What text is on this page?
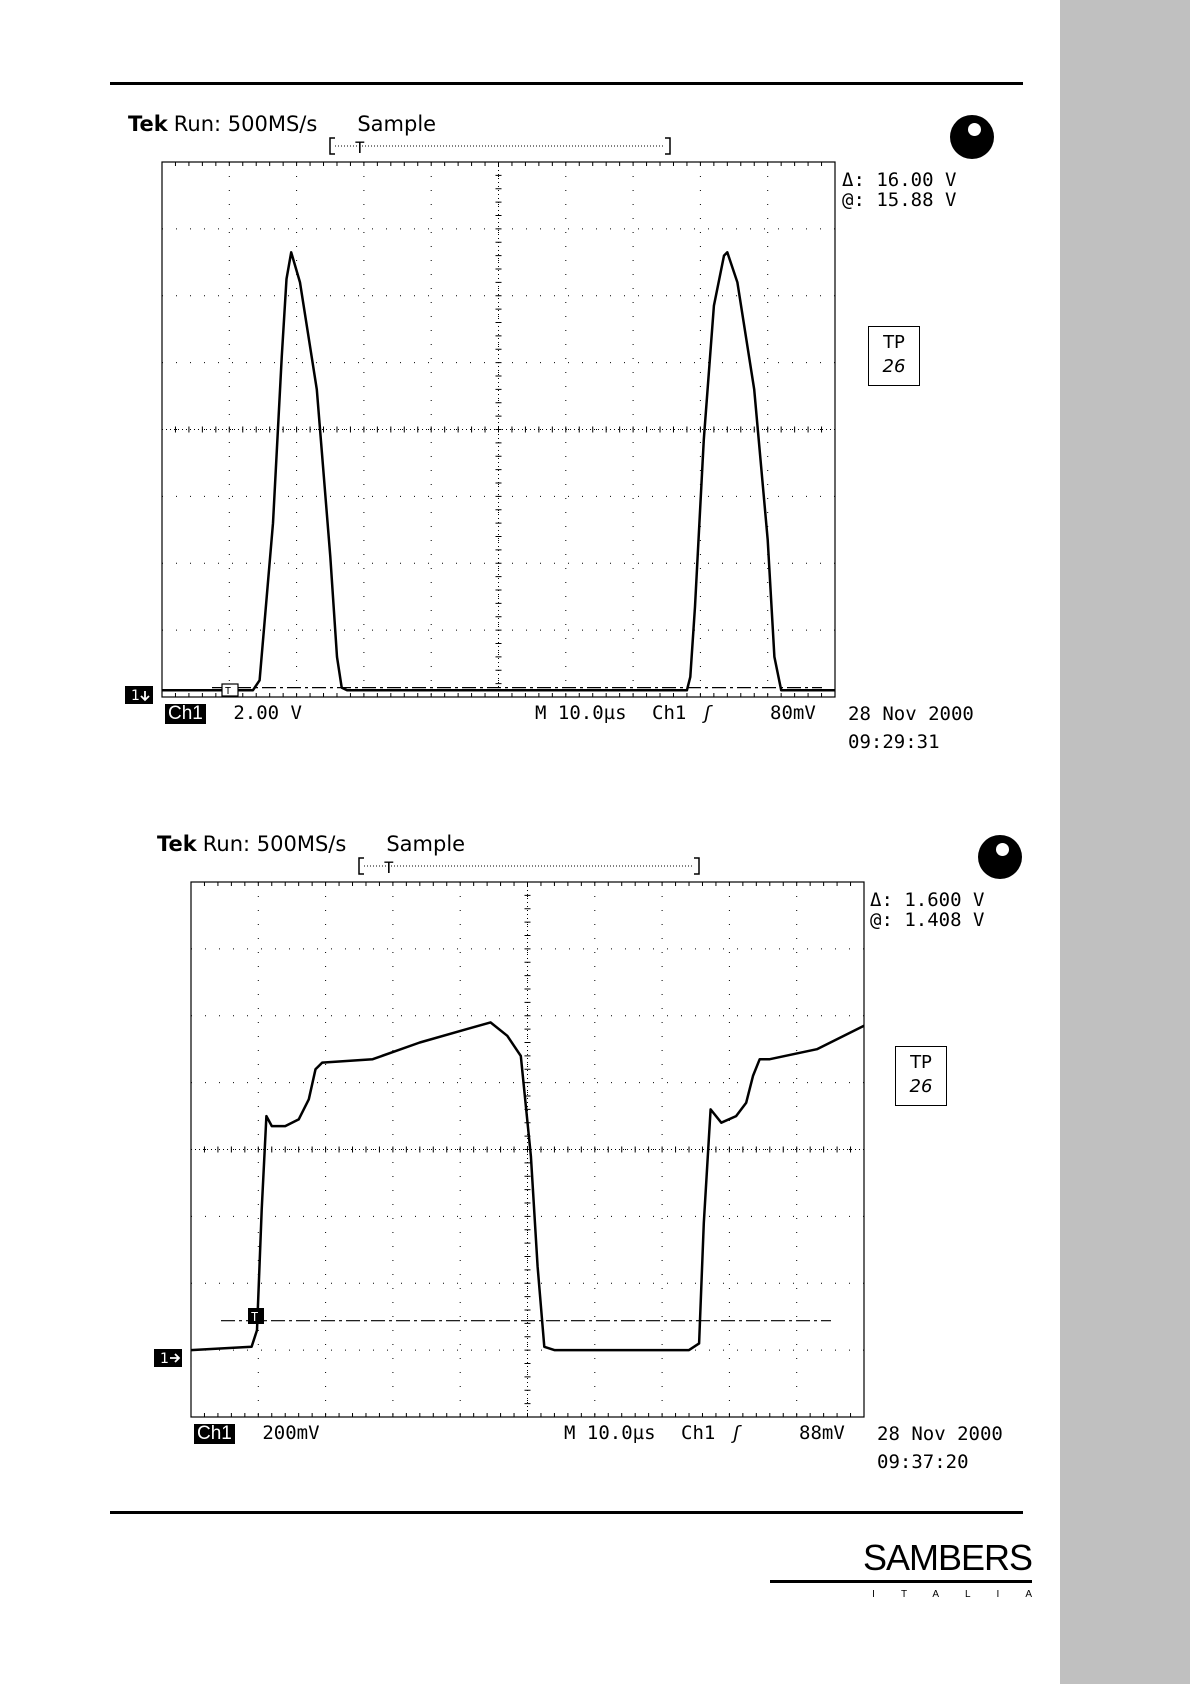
Tek Run: 500MS/s Sample
T
1	T
Δ: 16.00 V
@: 15.88 V
TP
26
Ch1 2.00 V	M 10.0µs Ch1 ʃ	80mV 28 Nov 2000
09:29:31
Tek Run: 500MS/s Sample
T
1
T
Δ: 1.600 V
@: 1.408 V
TP
26
Ch1 200mV	M 10.0µs Ch1 ʃ	88mV 28 Nov 2000
09:37:20
SAMBERS
ITALIA
